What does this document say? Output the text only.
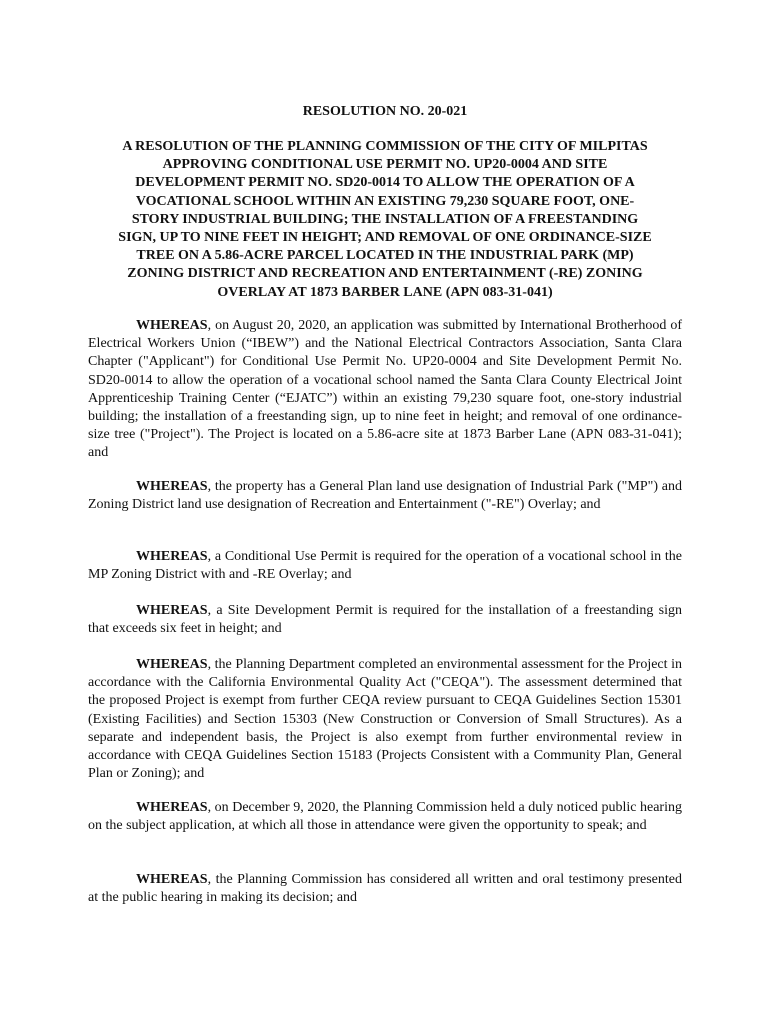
RESOLUTION NO. 20-021
A RESOLUTION OF THE PLANNING COMMISSION OF THE CITY OF MILPITAS
APPROVING CONDITIONAL USE PERMIT NO. UP20-0004 AND SITE
DEVELOPMENT PERMIT NO. SD20-0014 TO ALLOW THE OPERATION OF A
VOCATIONAL SCHOOL WITHIN AN EXISTING 79,230 SQUARE FOOT, ONE-
STORY INDUSTRIAL BUILDING; THE INSTALLATION OF A FREESTANDING
SIGN, UP TO NINE FEET IN HEIGHT; AND REMOVAL OF ONE ORDINANCE-SIZE
TREE ON A 5.86-ACRE PARCEL LOCATED IN THE INDUSTRIAL PARK (MP)
ZONING DISTRICT AND RECREATION AND ENTERTAINMENT (-RE) ZONING
OVERLAY AT 1873 BARBER LANE (APN 083-31-041)

WHEREAS, on August 20, 2020, an application was submitted by International Brotherhood of Electrical Workers Union (“IBEW”) and the National Electrical Contractors Association, Santa Clara Chapter ("Applicant") for Conditional Use Permit No. UP20-0004 and Site Development Permit No. SD20-0014 to allow the operation of a vocational school named the Santa Clara County Electrical Joint Apprenticeship Training Center (“EJATC”) within an existing 79,230 square foot, one-story industrial building; the installation of a freestanding sign, up to nine feet in height; and removal of one ordinance-size tree ("Project"). The Project is located on a 5.86-acre site at 1873 Barber Lane (APN 083-31-041); and

WHEREAS, the property has a General Plan land use designation of Industrial Park ("MP") and Zoning District land use designation of Recreation and Entertainment ("-RE") Overlay; and

WHEREAS, a Conditional Use Permit is required for the operation of a vocational school in the MP Zoning District with and -RE Overlay; and

WHEREAS, a Site Development Permit is required for the installation of a freestanding sign that exceeds six feet in height; and

WHEREAS, the Planning Department completed an environmental assessment for the Project in accordance with the California Environmental Quality Act ("CEQA"). The assessment determined that the proposed Project is exempt from further CEQA review pursuant to CEQA Guidelines Section 15301 (Existing Facilities) and Section 15303 (New Construction or Conversion of Small Structures). As a separate and independent basis, the Project is also exempt from further environmental review in accordance with CEQA Guidelines Section 15183 (Projects Consistent with a Community Plan, General Plan or Zoning); and

WHEREAS, on December 9, 2020, the Planning Commission held a duly noticed public hearing on the subject application, at which all those in attendance were given the opportunity to speak; and

WHEREAS, the Planning Commission has considered all written and oral testimony presented at the public hearing in making its decision; and
